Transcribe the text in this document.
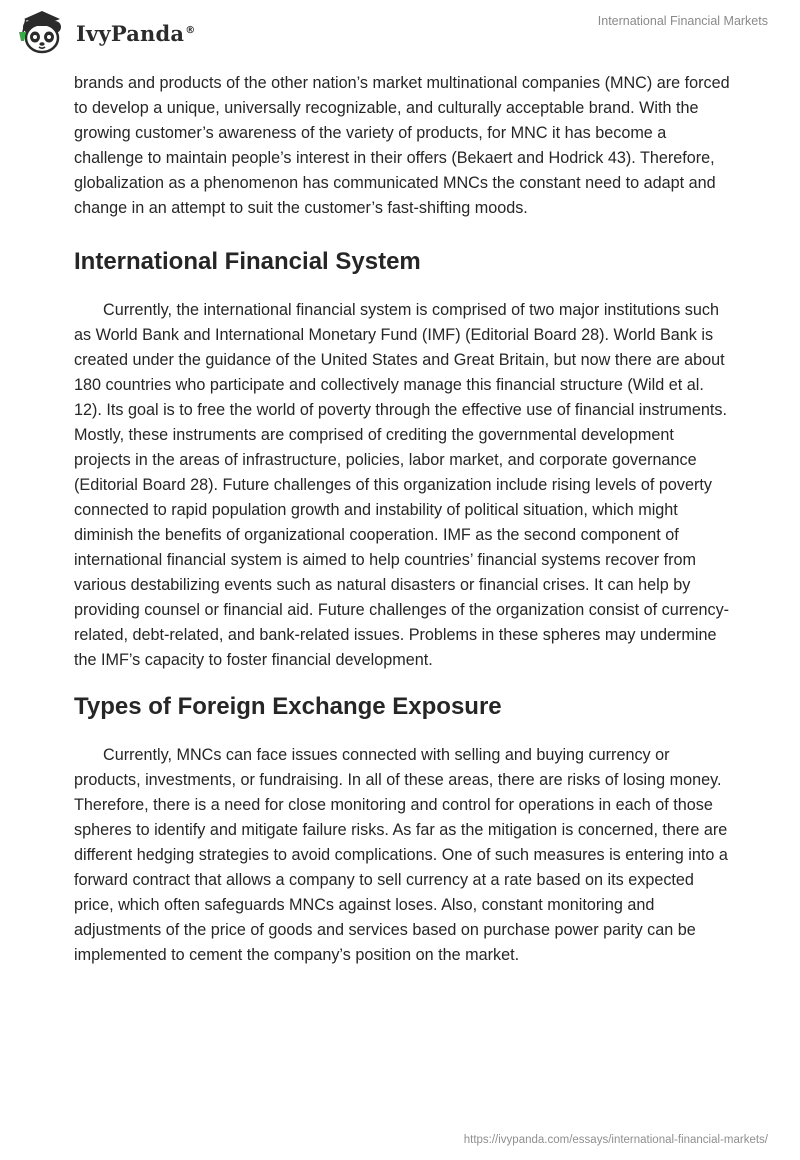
IvyPanda®
International Financial Markets

brands and products of the other nation’s market multinational companies (MNC) are forced to develop a unique, universally recognizable, and culturally acceptable brand. With the growing customer’s awareness of the variety of products, for MNC it has become a challenge to maintain people’s interest in their offers (Bekaert and Hodrick 43). Therefore, globalization as a phenomenon has communicated MNCs the constant need to adapt and change in an attempt to suit the customer’s fast-shifting moods.

International Financial System

Currently, the international financial system is comprised of two major institutions such as World Bank and International Monetary Fund (IMF) (Editorial Board 28). World Bank is created under the guidance of the United States and Great Britain, but now there are about 180 countries who participate and collectively manage this financial structure (Wild et al. 12). Its goal is to free the world of poverty through the effective use of financial instruments. Mostly, these instruments are comprised of crediting the governmental development projects in the areas of infrastructure, policies, labor market, and corporate governance (Editorial Board 28). Future challenges of this organization include rising levels of poverty connected to rapid population growth and instability of political situation, which might diminish the benefits of organizational cooperation. IMF as the second component of international financial system is aimed to help countries’ financial systems recover from various destabilizing events such as natural disasters or financial crises. It can help by providing counsel or financial aid. Future challenges of the organization consist of currency-related, debt-related, and bank-related issues. Problems in these spheres may undermine the IMF’s capacity to foster financial development.

Types of Foreign Exchange Exposure

Currently, MNCs can face issues connected with selling and buying currency or products, investments, or fundraising. In all of these areas, there are risks of losing money. Therefore, there is a need for close monitoring and control for operations in each of those spheres to identify and mitigate failure risks. As far as the mitigation is concerned, there are different hedging strategies to avoid complications. One of such measures is entering into a forward contract that allows a company to sell currency at a rate based on its expected price, which often safeguards MNCs against loses. Also, constant monitoring and adjustments of the price of goods and services based on purchase power parity can be implemented to cement the company’s position on the market.

https://ivypanda.com/essays/international-financial-markets/
